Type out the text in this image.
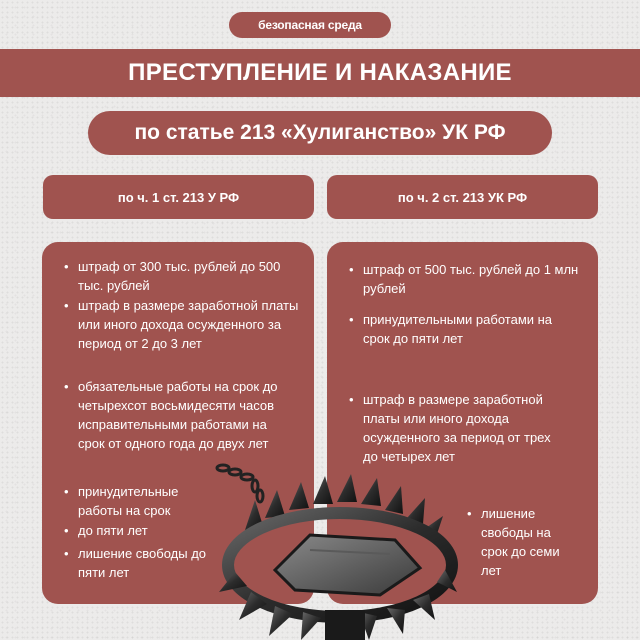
безопасная среда
ПРЕСТУПЛЕНИЕ И НАКАЗАНИЕ
по статье 213 «Хулиганство» УК РФ
по ч. 1 ст. 213 У РФ	по ч. 2 ст. 213 УК РФ
• штраф от 300 тыс. рублей до 500 тыс. рублей
• штраф в размере заработной платы или иного дохода осужденного за период от 2 до 3 лет
• обязательные работы на срок до четырехсот восьмидесяти часов исправительными работами на срок от одного года до двух лет
• принудительные работы на срок
• до пяти лет
• лишение свободы до пяти лет
• штраф от 500 тыс. рублей до 1 млн рублей
• принудительными работами на срок до пяти лет
• штраф в размере заработной платы или иного дохода осужденного за период от трех до четырех лет
• лишение свободы на срок до семи лет
